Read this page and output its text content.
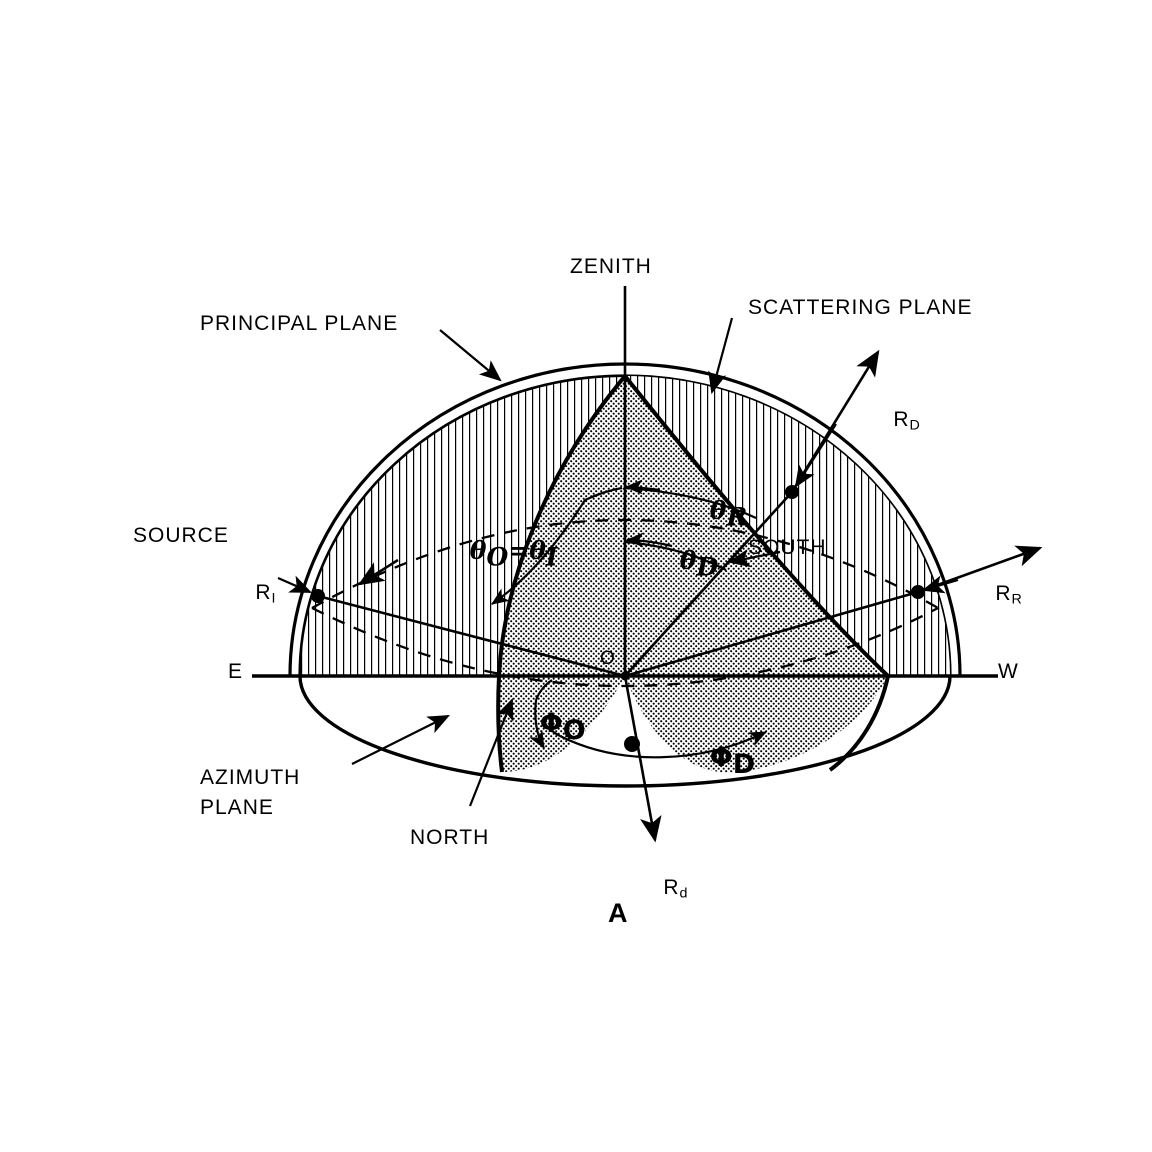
ZENITH
PRINCIPAL PLANE
SCATTERING PLANE
SOURCE

$R_I$

$R_D$

$R_R$

$R_d$

SOUTH
E	W
O
AZIMUTH
PLANE
NORTH

θO=θI

θR

θD

ΦO

ΦD

A
